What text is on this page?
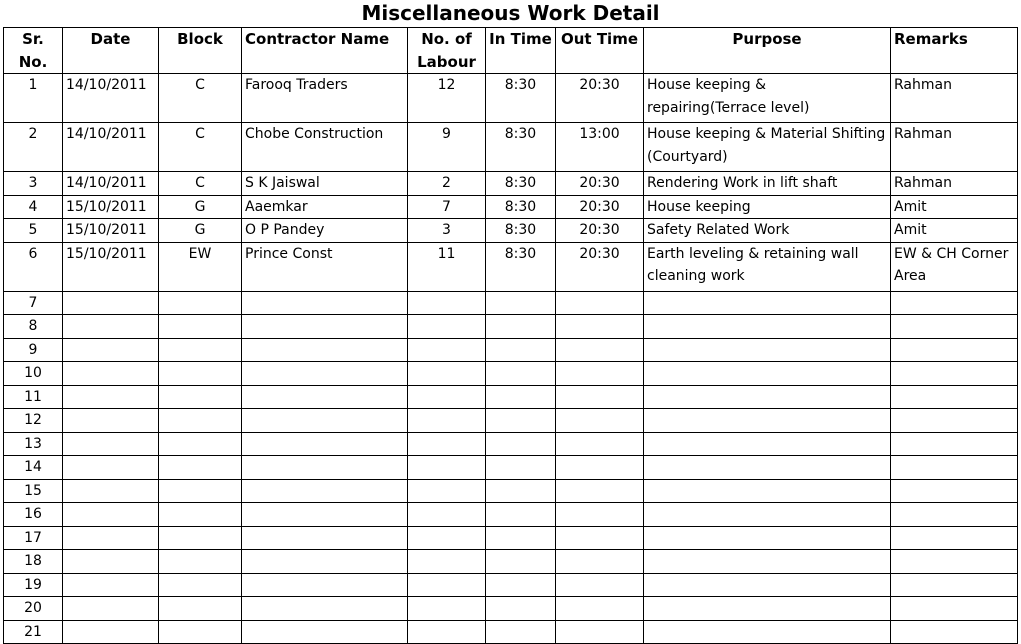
Miscellaneous Work Detail
Sr. No.	Date	Block	Contractor Name	No. of Labour	In Time	Out Time	Purpose	Remarks
1	14/10/2011	C	Farooq Traders	12	8:30	20:30	House keeping & repairing(Terrace level)	Rahman
2	14/10/2011	C	Chobe Construction	9	8:30	13:00	House keeping & Material Shifting (Courtyard)	Rahman
3	14/10/2011	C	S K Jaiswal	2	8:30	20:30	Rendering Work in lift shaft	Rahman
4	15/10/2011	G	Aaemkar	7	8:30	20:30	House keeping	Amit
5	15/10/2011	G	O P Pandey	3	8:30	20:30	Safety Related Work	Amit
6	15/10/2011	EW	Prince Const	11	8:30	20:30	Earth leveling & retaining wall cleaning work	EW & CH Corner Area
7								
8								
9								
10								
11								
12								
13								
14								
15								
16								
17								
18								
19								
20								
21								
